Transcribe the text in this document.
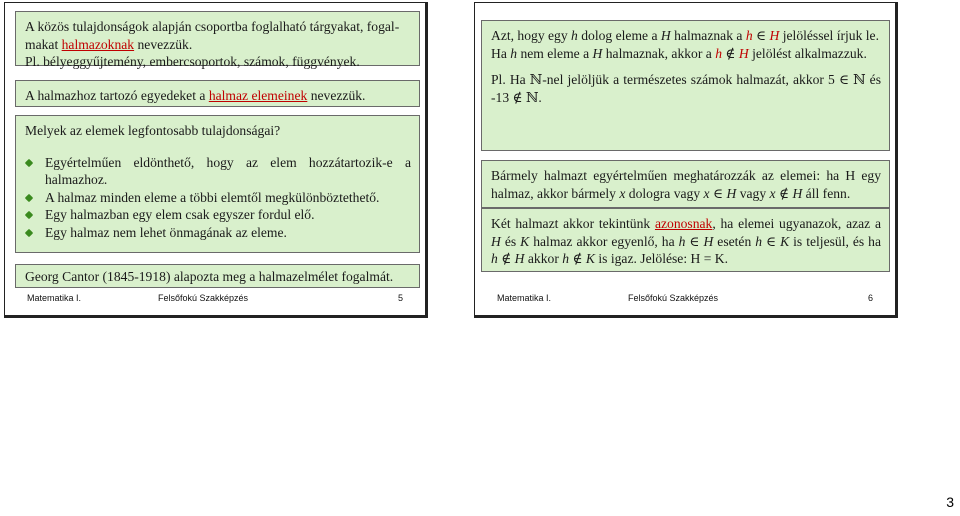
A közös tulajdonságok alapján csoportba foglalható tárgyakat, fogal-
makat halmazoknak nevezzük.

Pl. bélyeggyűjtemény, embercsoportok, számok, függvények.

A halmazhoz tartozó egyedeket a halmaz elemeinek nevezzük.

Melyek az elemek legfontosabb tulajdonságai?

Egyértelműen eldönthető, hogy az elem hozzátartozik-e a halmazhoz.
A halmaz minden eleme a többi elemtől megkülönböztethető.
Egy halmazban egy elem csak egyszer fordul elő.
Egy halmaz nem lehet önmagának az eleme.

Georg Cantor (1845-1918) alapozta meg a halmazelmélet fogalmát.

Matematika I.	Felsőfokú Szakképzés	5

Azt, hogy egy h dolog eleme a H halmaznak a h ∈ H jelöléssel írjuk le.

Ha h nem eleme a H halmaznak, akkor a h ∉ H jelölést alkalmazzuk.

Pl. Ha ℕ-nel jelöljük a természetes számok halmazát, akkor 5 ∈ ℕ és -13 ∉ ℕ.

Bármely halmazt egyértelműen meghatározzák az elemei: ha H egy halmaz, akkor bármely x dologra vagy x ∈ H vagy x ∉ H áll fenn.

Két halmazt akkor tekintünk azonosnak, ha elemei ugyanazok, azaz a H és K halmaz akkor egyenlő, ha h ∈ H esetén h ∈ K is teljesül, és ha h ∉ H akkor h ∉ K is igaz. Jelölése: H = K.

Matematika I.	Felsőfokú Szakképzés	6
3
